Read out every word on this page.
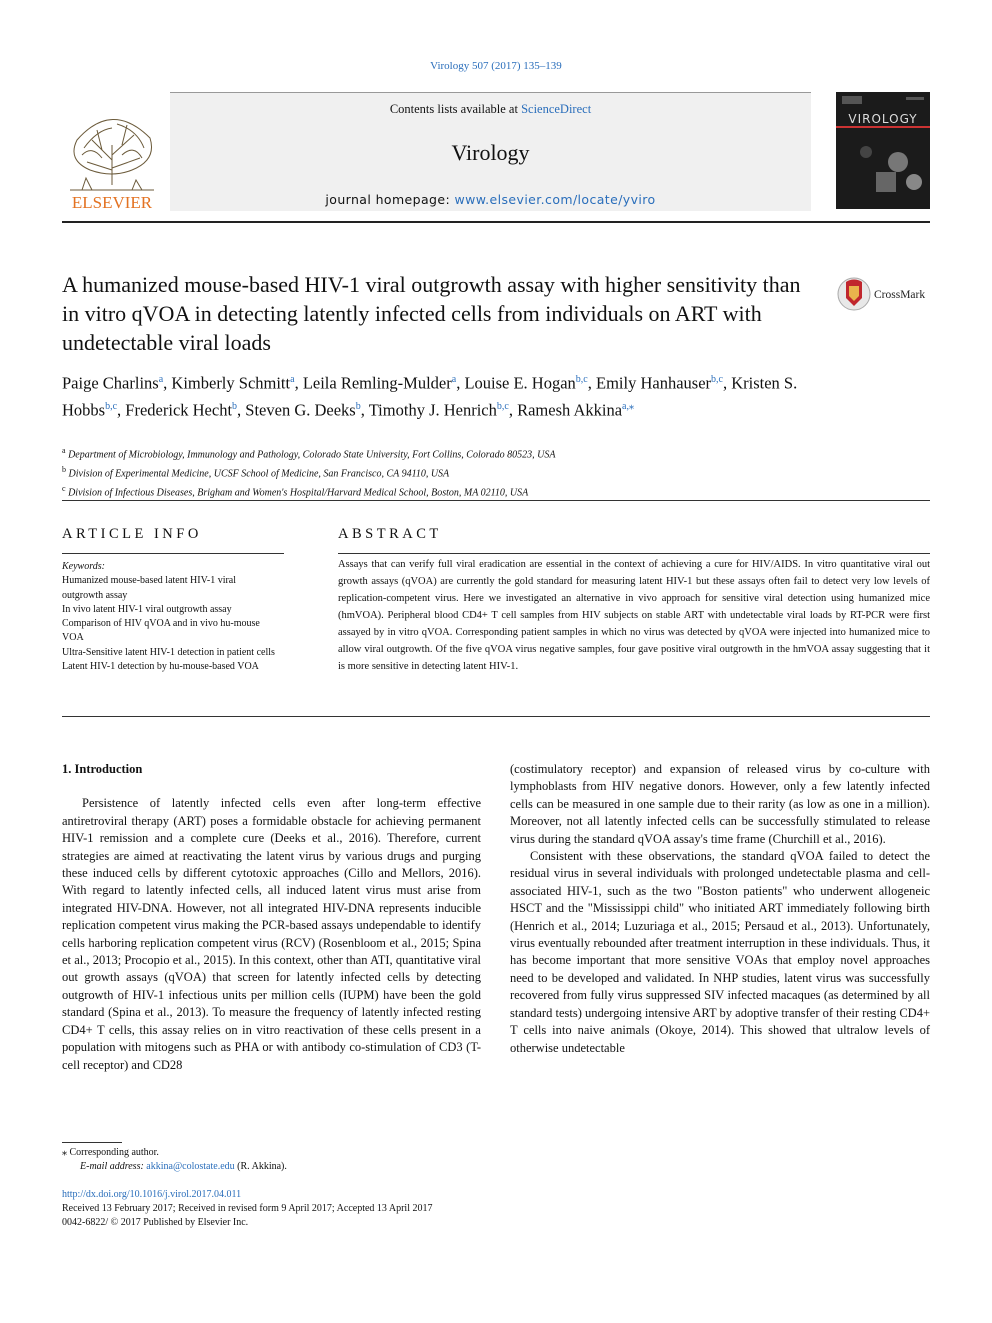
Virology 507 (2017) 135–139
ELSEVIER
Contents lists available at ScienceDirect
Virology
journal homepage: www.elsevier.com/locate/yviro
VIROLOGY
CrossMark
A humanized mouse-based HIV-1 viral outgrowth assay with higher sensitivity than in vitro qVOA in detecting latently infected cells from individuals on ART with undetectable viral loads
Paige Charlins$^a$, Kimberly Schmitt$^a$, Leila Remling-Mulder$^a$, Louise E. Hogan$^{b,c}$, Emily Hanhauser$^{b,c}$, Kristen S. Hobbs$^{b,c}$, Frederick Hecht$^b$, Steven G. Deeks$^b$, Timothy J. Henrich$^{b,c}$, Ramesh Akkina$^{a,⁎}$
$^a$ Department of Microbiology, Immunology and Pathology, Colorado State University, Fort Collins, Colorado 80523, USA
$^b$ Division of Experimental Medicine, UCSF School of Medicine, San Francisco, CA 94110, USA
$^c$ Division of Infectious Diseases, Brigham and Women's Hospital/Harvard Medical School, Boston, MA 02110, USA
ARTICLE INFO	ABSTRACT
Keywords:
Humanized mouse-based latent HIV-1 viral outgrowth assay
In vivo latent HIV-1 viral outgrowth assay
Comparison of HIV qVOA and in vivo hu-mouse VOA
Ultra-Sensitive latent HIV-1 detection in patient cells
Latent HIV-1 detection by hu-mouse-based VOA
Assays that can verify full viral eradication are essential in the context of achieving a cure for HIV/AIDS. In vitro quantitative viral out growth assays (qVOA) are currently the gold standard for measuring latent HIV-1 but these assays often fail to detect very low levels of replication-competent virus. Here we investigated an alternative in vivo approach for sensitive viral detection using humanized mice (hmVOA). Peripheral blood CD4+ T cell samples from HIV subjects on stable ART with undetectable viral loads by RT-PCR were first assayed by in vitro qVOA. Corresponding patient samples in which no virus was detected by qVOA were injected into humanized mice to allow viral outgrowth. Of the five qVOA virus negative samples, four gave positive viral outgrowth in the hmVOA assay suggesting that it is more sensitive in detecting latent HIV-1.
1. Introduction

Persistence of latently infected cells even after long-term effective antiretroviral therapy (ART) poses a formidable obstacle for achieving permanent HIV-1 remission and a complete cure (Deeks et al., 2016). Therefore, current strategies are aimed at reactivating the latent virus by various drugs and purging these induced cells by different cytotoxic approaches (Cillo and Mellors, 2016). With regard to latently infected cells, all induced latent virus must arise from integrated HIV-DNA. However, not all integrated HIV-DNA represents inducible replication competent virus making the PCR-based assays undependable to identify cells harboring replication competent virus (RCV) (Rosenbloom et al., 2015; Spina et al., 2013; Procopio et al., 2015). In this context, other than ATI, quantitative viral out growth assays (qVOA) that screen for latently infected cells by detecting outgrowth of HIV-1 infectious units per million cells (IUPM) have been the gold standard (Spina et al., 2013). To measure the frequency of latently infected resting CD4+ T cells, this assay relies on in vitro reactivation of these cells present in a population with mitogens such as PHA or with antibody co-stimulation of CD3 (T-cell receptor) and CD28

(costimulatory receptor) and expansion of released virus by co-culture with lymphoblasts from HIV negative donors. However, only a few latently infected cells can be measured in one sample due to their rarity (as low as one in a million). Moreover, not all latently infected cells can be successfully stimulated to release virus during the standard qVOA assay's time frame (Churchill et al., 2016).

Consistent with these observations, the standard qVOA failed to detect the residual virus in several individuals with prolonged undetectable plasma and cell-associated HIV-1, such as the two "Boston patients" who underwent allogeneic HSCT and the "Mississippi child" who initiated ART immediately following birth (Henrich et al., 2014; Luzuriaga et al., 2015; Persaud et al., 2013). Unfortunately, virus eventually rebounded after treatment interruption in these individuals. Thus, it has become important that more sensitive VOAs that employ novel approaches need to be developed and validated. In NHP studies, latent virus was successfully recovered from fully virus suppressed SIV infected macaques (as determined by all standard tests) undergoing intensive ART by adoptive transfer of their resting CD4+ T cells into naive animals (Okoye, 2014). This showed that ultralow levels of otherwise undetectable

⁎ Corresponding author.
E-mail address: akkina@colostate.edu (R. Akkina).
http://dx.doi.org/10.1016/j.virol.2017.04.011
Received 13 February 2017; Received in revised form 9 April 2017; Accepted 13 April 2017
0042-6822/ © 2017 Published by Elsevier Inc.
